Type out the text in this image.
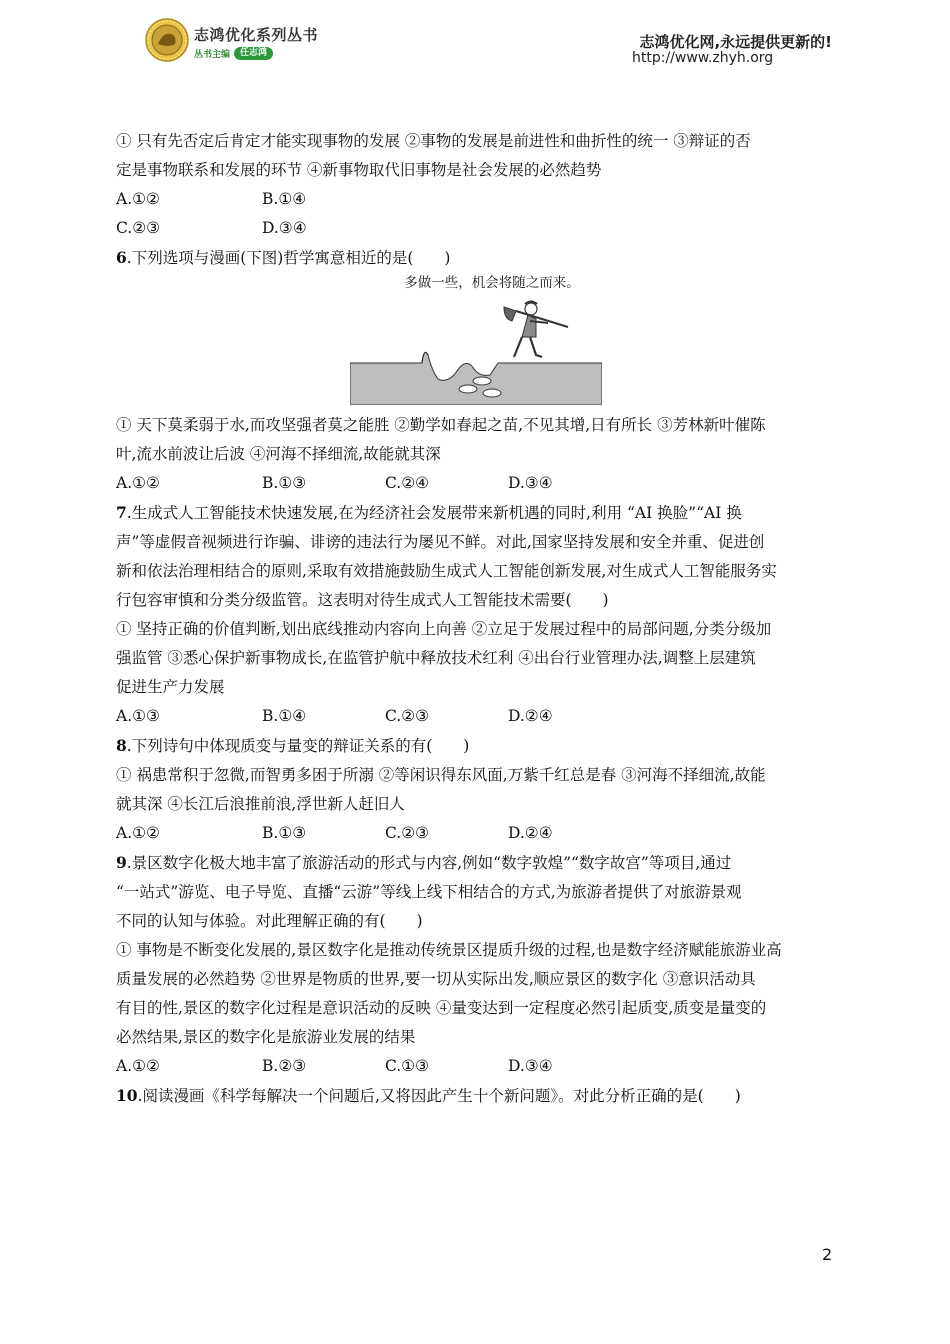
志鸿优化系列丛书
丛书主编	任志鸿
志鸿优化网,永远提供更新的!
http://www.zhyh.org
① 只有先否定后肯定才能实现事物的发展 ②事物的发展是前进性和曲折性的统一 ③辩证的否
定是事物联系和发展的环节 ④新事物取代旧事物是社会发展的必然趋势
A.①②	B.①④
C.②③	D.③④
6.下列选项与漫画(下图)哲学寓意相近的是(　　)
多做一些，机会将随之而来。
① 天下莫柔弱于水,而攻坚强者莫之能胜 ②勤学如春起之苗,不见其增,日有所长 ③芳林新叶催陈
叶,流水前波让后波 ④河海不择细流,故能就其深
A.①②	B.①③	C.②④	D.③④
7.生成式人工智能技术快速发展,在为经济社会发展带来新机遇的同时,利用 “AI 换脸”“AI 换
声”等虚假音视频进行诈骗、诽谤的违法行为屡见不鲜。对此,国家坚持发展和安全并重、促进创
新和依法治理相结合的原则,采取有效措施鼓励生成式人工智能创新发展,对生成式人工智能服务实
行包容审慎和分类分级监管。这表明对待生成式人工智能技术需要(　　)
① 坚持正确的价值判断,划出底线推动内容向上向善 ②立足于发展过程中的局部问题,分类分级加
强监管 ③悉心保护新事物成长,在监管护航中释放技术红利 ④出台行业管理办法,调整上层建筑
促进生产力发展
A.①③	B.①④	C.②③	D.②④
8.下列诗句中体现质变与量变的辩证关系的有(　　)
① 祸患常积于忽微,而智勇多困于所溺 ②等闲识得东风面,万紫千红总是春 ③河海不择细流,故能
就其深 ④长江后浪推前浪,浮世新人赶旧人
A.①②	B.①③	C.②③	D.②④
9.景区数字化极大地丰富了旅游活动的形式与内容,例如“数字敦煌”“数字故宫”等项目,通过
“一站式”游览、电子导览、直播“云游”等线上线下相结合的方式,为旅游者提供了对旅游景观
不同的认知与体验。对此理解正确的有(　　)
① 事物是不断变化发展的,景区数字化是推动传统景区提质升级的过程,也是数字经济赋能旅游业高
质量发展的必然趋势 ②世界是物质的世界,要一切从实际出发,顺应景区的数字化 ③意识活动具
有目的性,景区的数字化过程是意识活动的反映 ④量变达到一定程度必然引起质变,质变是量变的
必然结果,景区的数字化是旅游业发展的结果
A.①②	B.②③	C.①③	D.③④
10.阅读漫画《科学每解决一个问题后,又将因此产生十个新问题》。对此分析正确的是(　　)
2
